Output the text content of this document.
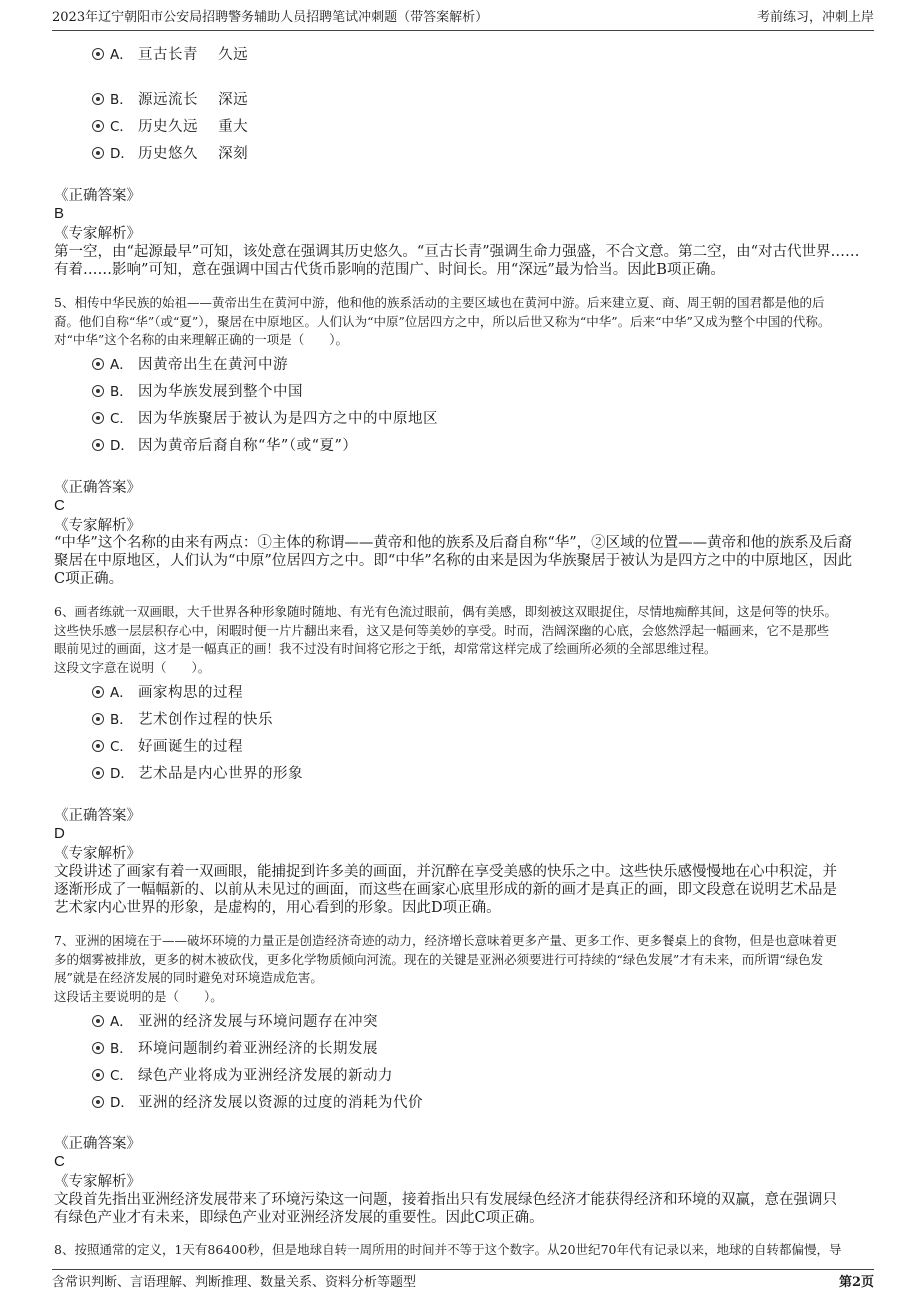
2023年辽宁朝阳市公安局招聘警务辅助人员招聘笔试冲刺题（带答案解析）	考前练习，冲刺上岸
A． 亘古长青　 久远
B． 源远流长　 深远
C． 历史久远　 重大
D． 历史悠久　 深刻
《正确答案》
B
《专家解析》
第一空，由“起源最早”可知，该处意在强调其历史悠久。“亘古长青”强调生命力强盛，不合文意。第二空，由“对古代世界……
有着……影响”可知，意在强调中国古代货币影响的范围广、时间长。用“深远”最为恰当。因此B项正确。
5、相传中华民族的始祖——黄帝出生在黄河中游，他和他的族系活动的主要区域也在黄河中游。后来建立夏、商、周王朝的国君都是他的后
裔。他们自称“华”（或“夏”），聚居在中原地区。人们认为“中原”位居四方之中，所以后世又称为“中华”。后来“中华”又成为整个中国的代称。
对“中华”这个名称的由来理解正确的一项是（　　）。
A． 因黄帝出生在黄河中游
B． 因为华族发展到整个中国
C． 因为华族聚居于被认为是四方之中的中原地区
D． 因为黄帝后裔自称“华”（或“夏”）
《正确答案》
C
《专家解析》
“中华”这个名称的由来有两点：①主体的称谓——黄帝和他的族系及后裔自称“华”，②区域的位置——黄帝和他的族系及后裔
聚居在中原地区，人们认为“中原”位居四方之中。即“中华”名称的由来是因为华族聚居于被认为是四方之中的中原地区，因此
C项正确。
6、画者练就一双画眼，大千世界各种形象随时随地、有光有色流过眼前，偶有美感，即刻被这双眼捉住，尽情地痴醉其间，这是何等的快乐。
这些快乐感一层层积存心中，闲暇时便一片片翻出来看，这又是何等美妙的享受。时而，浩阔深幽的心底，会悠然浮起一幅画来，它不是那些
眼前见过的画面，这才是一幅真正的画！我不过没有时间将它形之于纸，却常常这样完成了绘画所必须的全部思维过程。
这段文字意在说明（　　）。
A． 画家构思的过程
B． 艺术创作过程的快乐
C． 好画诞生的过程
D． 艺术品是内心世界的形象
《正确答案》
D
《专家解析》
文段讲述了画家有着一双画眼，能捕捉到许多美的画面，并沉醉在享受美感的快乐之中。这些快乐感慢慢地在心中积淀，并
逐渐形成了一幅幅新的、以前从未见过的画面，而这些在画家心底里形成的新的画才是真正的画，即文段意在说明艺术品是
艺术家内心世界的形象，是虚构的，用心看到的形象。因此D项正确。
7、亚洲的困境在于——破坏环境的力量正是创造经济奇迹的动力，经济增长意味着更多产量、更多工作、更多餐桌上的食物，但是也意味着更
多的烟雾被排放，更多的树木被砍伐，更多化学物质倾向河流。现在的关键是亚洲必须要进行可持续的“绿色发展”才有未来，而所谓“绿色发
展”就是在经济发展的同时避免对环境造成危害。
这段话主要说明的是（　　）。
A． 亚洲的经济发展与环境问题存在冲突
B． 环境问题制约着亚洲经济的长期发展
C． 绿色产业将成为亚洲经济发展的新动力
D． 亚洲的经济发展以资源的过度的消耗为代价
《正确答案》
C
《专家解析》
文段首先指出亚洲经济发展带来了环境污染这一问题，接着指出只有发展绿色经济才能获得经济和环境的双赢，意在强调只
有绿色产业才有未来，即绿色产业对亚洲经济发展的重要性。因此C项正确。
8、按照通常的定义，1天有86400秒，但是地球自转一周所用的时间并不等于这个数字。从20世纪70年代有记录以来，地球的自转都偏慢，导
含常识判断、言语理解、判断推理、数量关系、资料分析等题型	第2页
